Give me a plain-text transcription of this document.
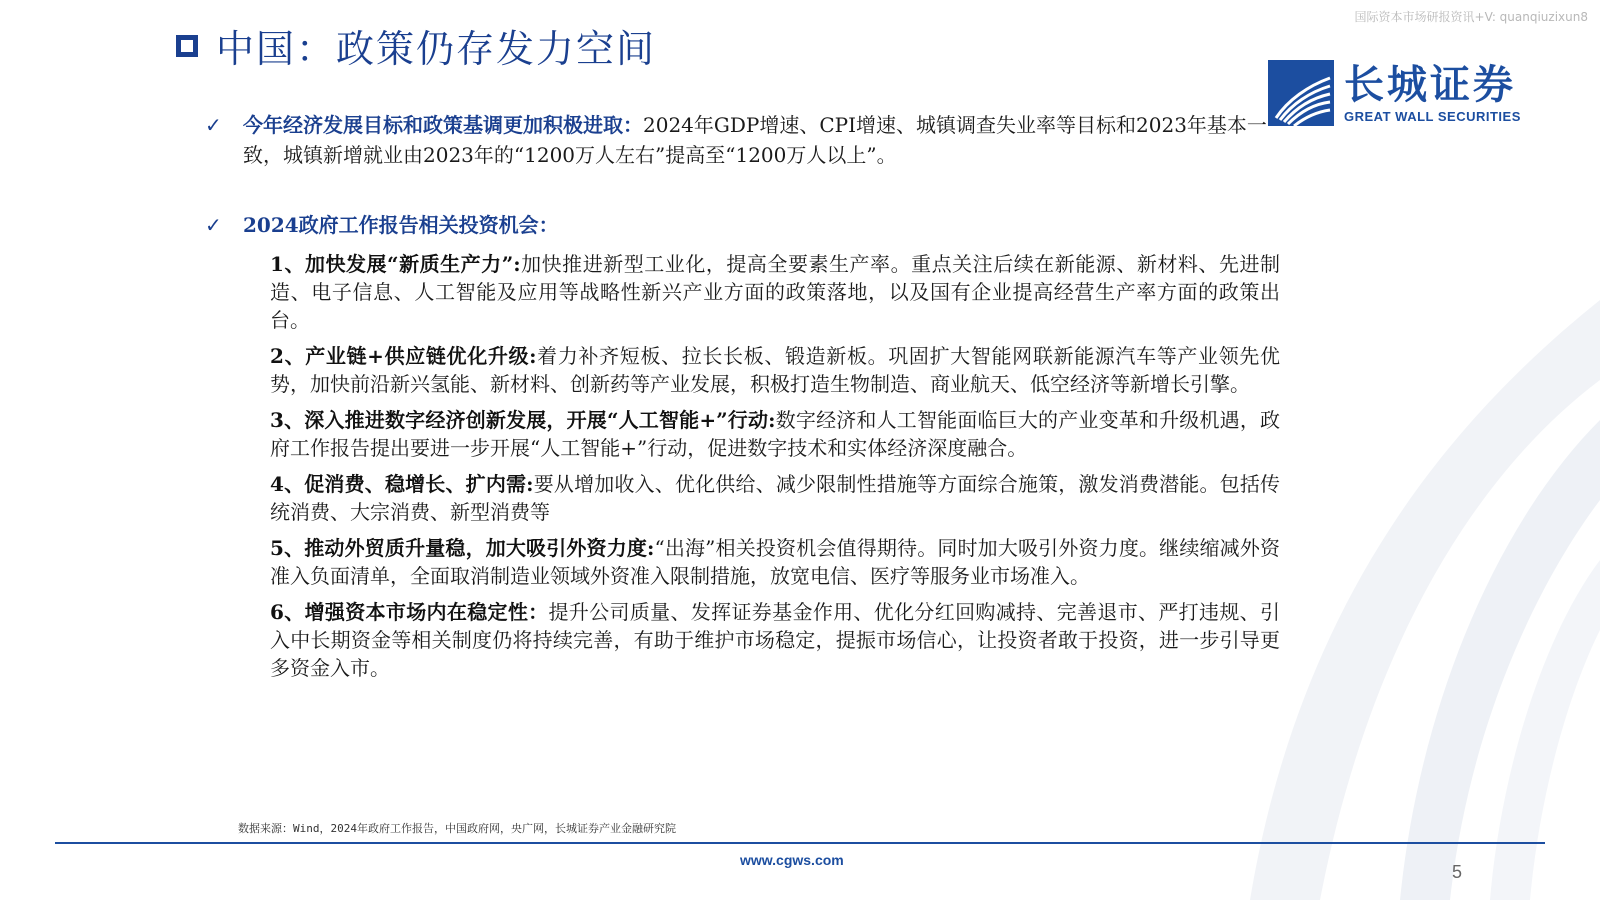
国际资本市场研报资讯+V: quanqiuzixun8
中国：政策仍存发力空间
长城证券
GREAT WALL SECURITIES
✓	今年经济发展目标和政策基调更加积极进取：2024年GDP增速、CPI增速、城镇调查失业率等目标和2023年基本一致，城镇新增就业由2023年的“1200万人左右”提高至“1200万人以上”。
✓	2024政府工作报告相关投资机会：
1、加快发展“新质生产力”:加快推进新型工业化，提高全要素生产率。重点关注后续在新能源、新材料、先进制造、电子信息、人工智能及应用等战略性新兴产业方面的政策落地，以及国有企业提高经营生产率方面的政策出台。
2、产业链+供应链优化升级:着力补齐短板、拉长长板、锻造新板。巩固扩大智能网联新能源汽车等产业领先优势，加快前沿新兴氢能、新材料、创新药等产业发展，积极打造生物制造、商业航天、低空经济等新增长引擎。
3、深入推进数字经济创新发展，开展“人工智能+”行动:数字经济和人工智能面临巨大的产业变革和升级机遇，政府工作报告提出要进一步开展“人工智能+”行动，促进数字技术和实体经济深度融合。
4、促消费、稳增长、扩内需:要从增加收入、优化供给、减少限制性措施等方面综合施策，激发消费潜能。包括传统消费、大宗消费、新型消费等
5、推动外贸质升量稳，加大吸引外资力度:“出海”相关投资机会值得期待。同时加大吸引外资力度。继续缩减外资准入负面清单，全面取消制造业领域外资准入限制措施，放宽电信、医疗等服务业市场准入。
6、增强资本市场内在稳定性：提升公司质量、发挥证券基金作用、优化分红回购减持、完善退市、严打违规、引入中长期资金等相关制度仍将持续完善，有助于维护市场稳定，提振市场信心，让投资者敢于投资，进一步引导更多资金入市。
数据来源：Wind，2024年政府工作报告，中国政府网，央广网，长城证券产业金融研究院
www.cgws.com
5
